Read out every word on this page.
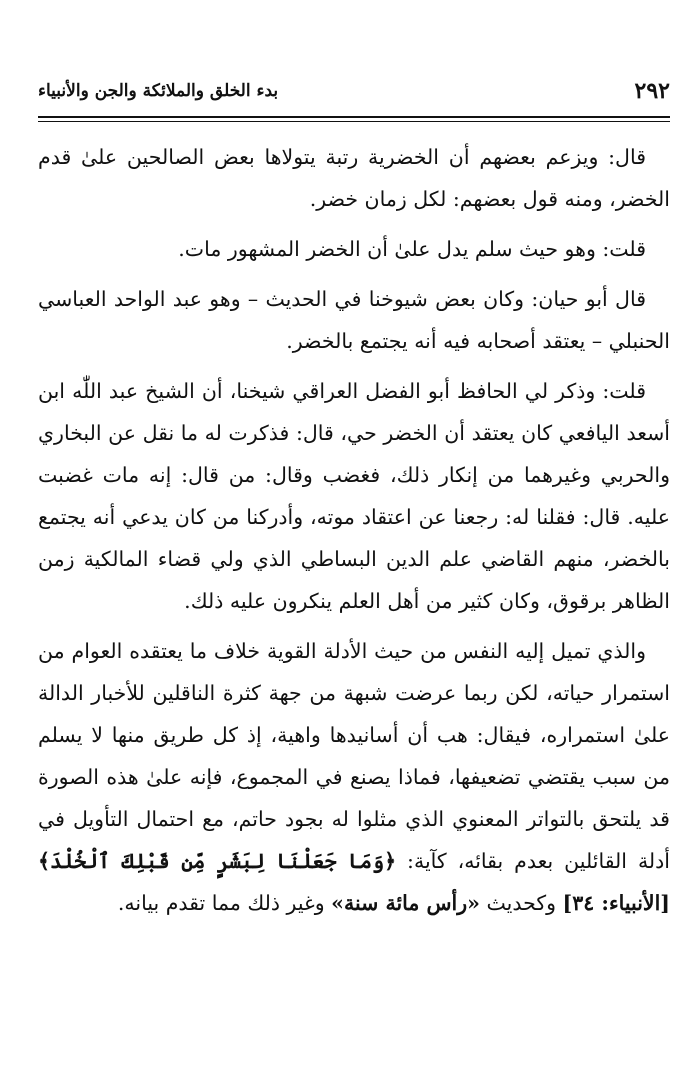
٢٩٢
بدء الخلق والملائكة والجن والأنبياء

قال: ويزعم بعضهم أن الخضرية رتبة يتولاها بعض الصالحين علىٰ قدم الخضر، ومنه قول بعضهم: لكل زمان خضر.

قلت: وهو حيث سلم يدل علىٰ أن الخضر المشهور مات.

قال أبو حيان: وكان بعض شيوخنا في الحديث – وهو عبد الواحد العباسي الحنبلي – يعتقد أصحابه فيه أنه يجتمع بالخضر.

قلت: وذكر لي الحافظ أبو الفضل العراقي شيخنا، أن الشيخ عبد اللّٰه ابن أسعد اليافعي كان يعتقد أن الخضر حي، قال: فذكرت له ما نقل عن البخاري والحربي وغيرهما من إنكار ذلك، فغضب وقال: من قال: إنه مات غضبت عليه. قال: فقلنا له: رجعنا عن اعتقاد موته، وأدركنا من كان يدعي أنه يجتمع بالخضر، منهم القاضي علم الدين البساطي الذي ولي قضاء المالكية زمن الظاهر برقوق، وكان كثير من أهل العلم ينكرون عليه ذلك.

والذي تميل إليه النفس من حيث الأدلة القوية خلاف ما يعتقده العوام من استمرار حياته، لكن ربما عرضت شبهة من جهة كثرة الناقلين للأخبار الدالة علىٰ استمراره، فيقال: هب أن أسانيدها واهية، إذ كل طريق منها لا يسلم من سبب يقتضي تضعيفها، فماذا يصنع في المجموع، فإنه علىٰ هذه الصورة قد يلتحق بالتواتر المعنوي الذي مثلوا له بجود حاتم، مع احتمال التأويل في أدلة القائلين بعدم بقائه، كآية: ﴿وَمَا جَعَلْنَا لِبَشَرٍ مِّن قَبْلِكَ ٱلْخُلْدَ﴾ [الأنبياء: ٣٤] وكحديث «رأس مائة سنة» وغير ذلك مما تقدم بيانه.
